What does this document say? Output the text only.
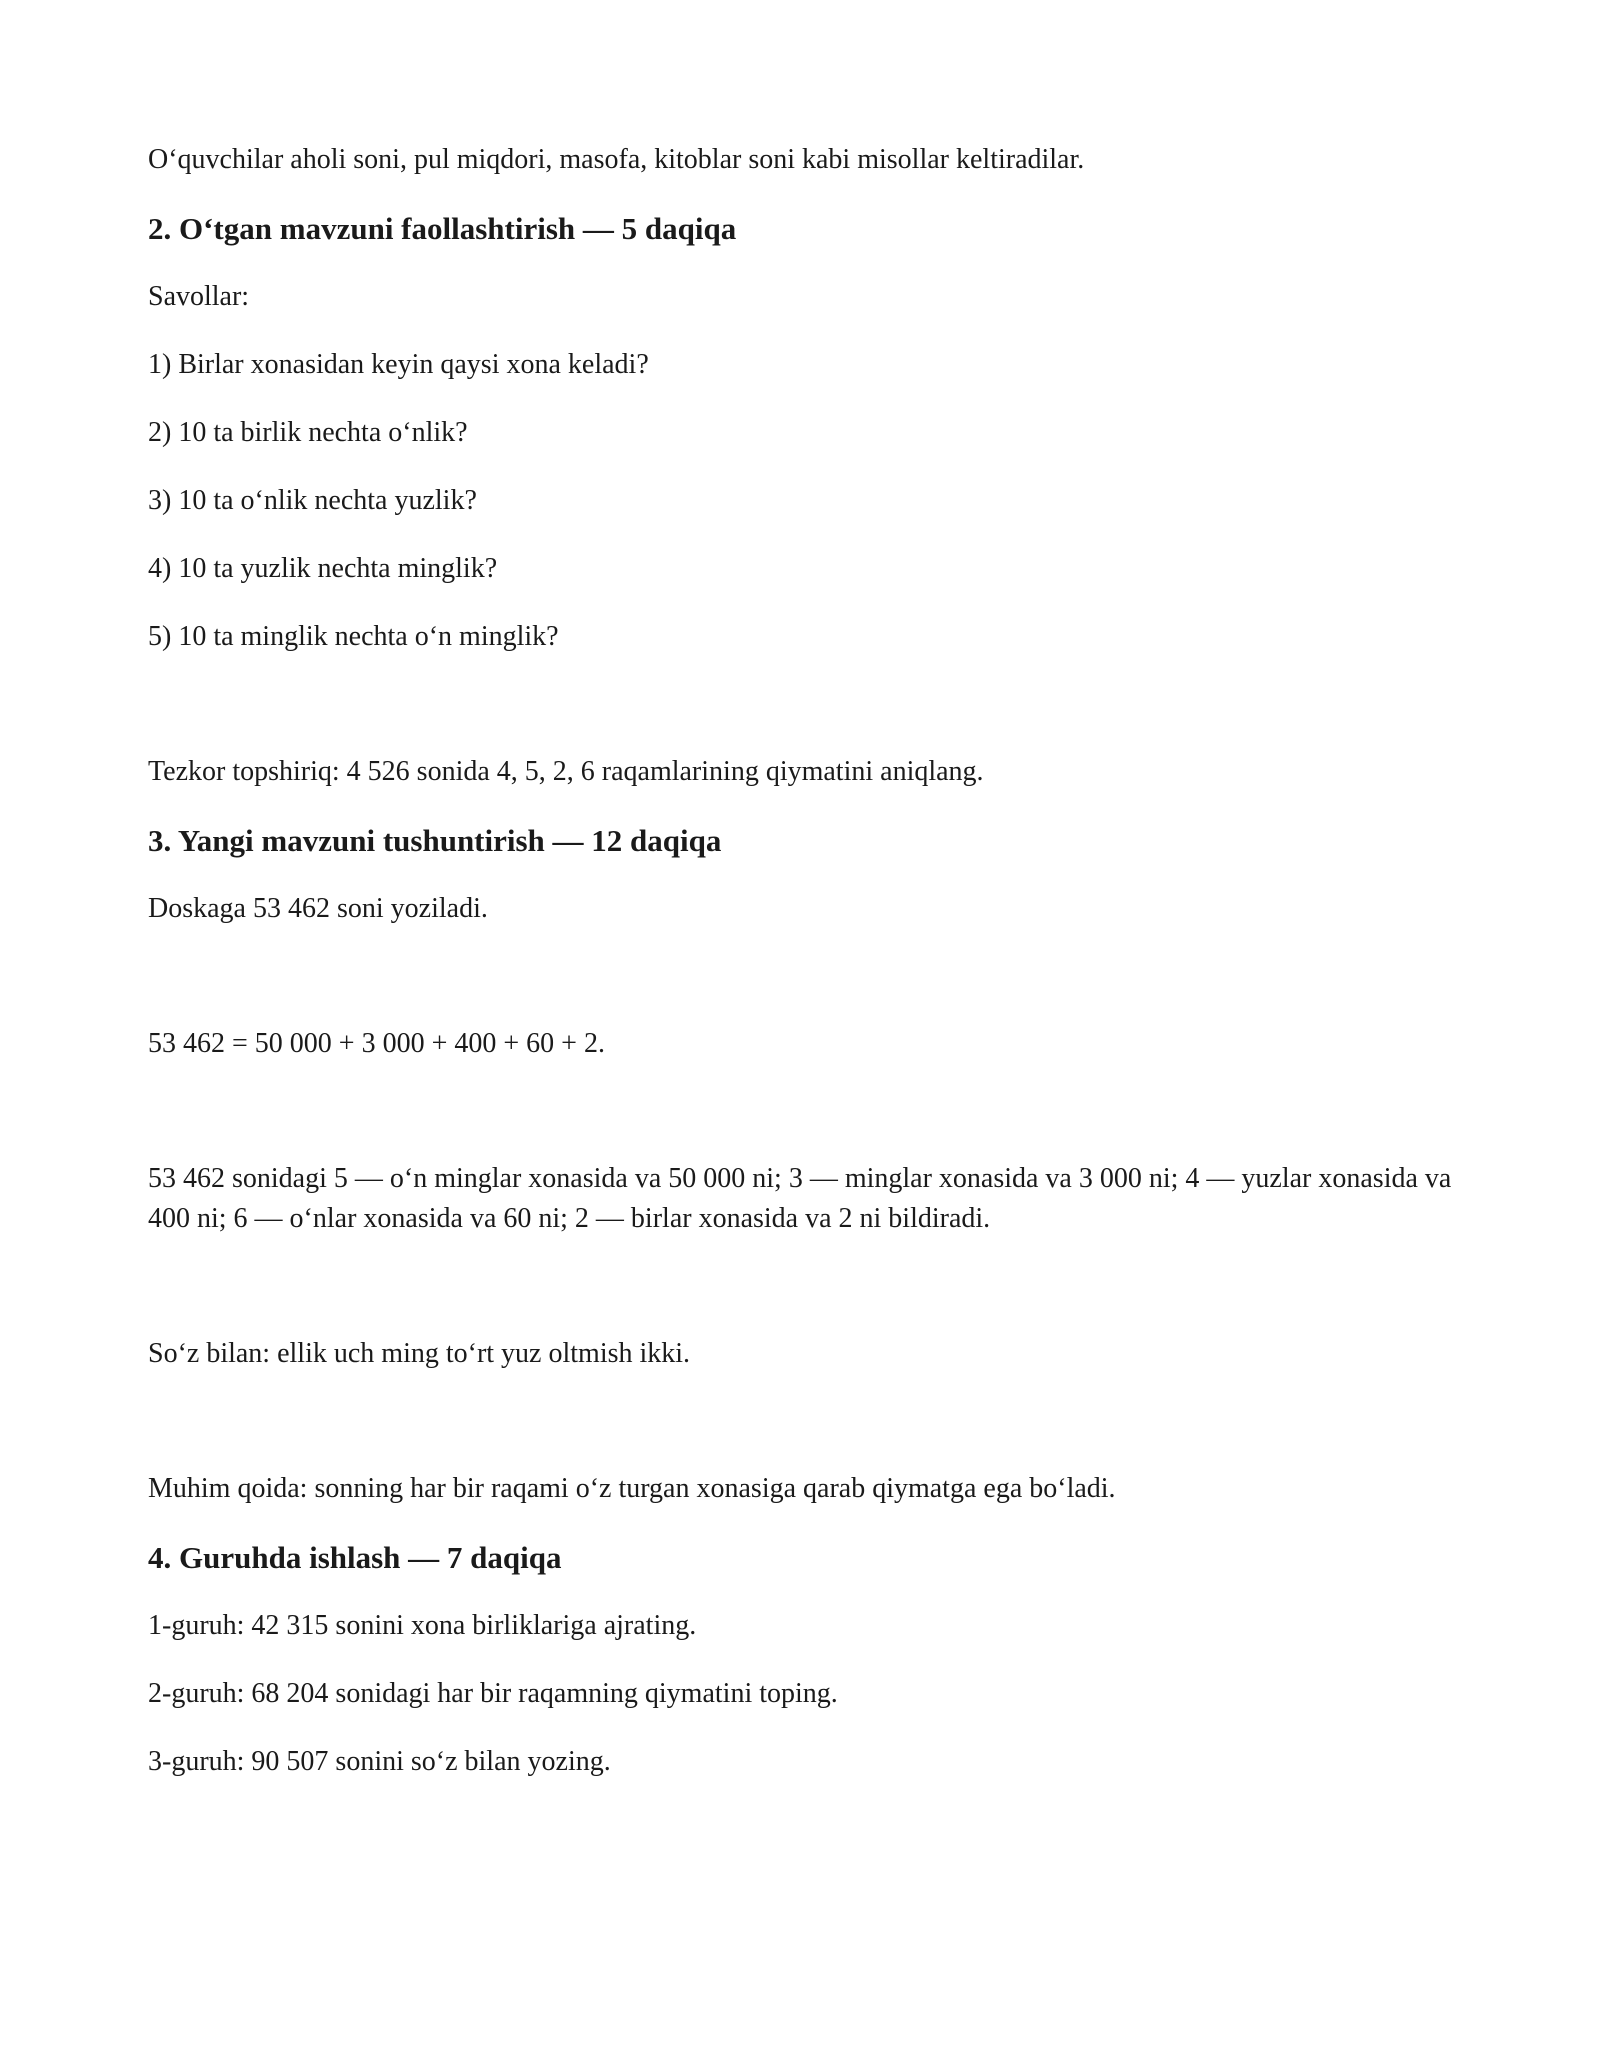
O‘quvchilar aholi soni, pul miqdori, masofa, kitoblar soni kabi misollar keltiradilar.

2. O‘tgan mavzuni faollashtirish — 5 daqiqa

Savollar:

1) Birlar xonasidan keyin qaysi xona keladi?

2) 10 ta birlik nechta o‘nlik?

3) 10 ta o‘nlik nechta yuzlik?

4) 10 ta yuzlik nechta minglik?

5) 10 ta minglik nechta o‘n minglik?

Tezkor topshiriq: 4 526 sonida 4, 5, 2, 6 raqamlarining qiymatini aniqlang.

3. Yangi mavzuni tushuntirish — 12 daqiqa

Doskaga 53 462 soni yoziladi.

53 462 = 50 000 + 3 000 + 400 + 60 + 2.

53 462 sonidagi 5 — o‘n minglar xonasida va 50 000 ni; 3 — minglar xonasida va 3 000 ni; 4 — yuzlar xonasida va 400 ni; 6 — o‘nlar xonasida va 60 ni; 2 — birlar xonasida va 2 ni bildiradi.

So‘z bilan: ellik uch ming to‘rt yuz oltmish ikki.

Muhim qoida: sonning har bir raqami o‘z turgan xonasiga qarab qiymatga ega bo‘ladi.

4. Guruhda ishlash — 7 daqiqa

1-guruh: 42 315 sonini xona birliklariga ajrating.

2-guruh: 68 204 sonidagi har bir raqamning qiymatini toping.

3-guruh: 90 507 sonini so‘z bilan yozing.
